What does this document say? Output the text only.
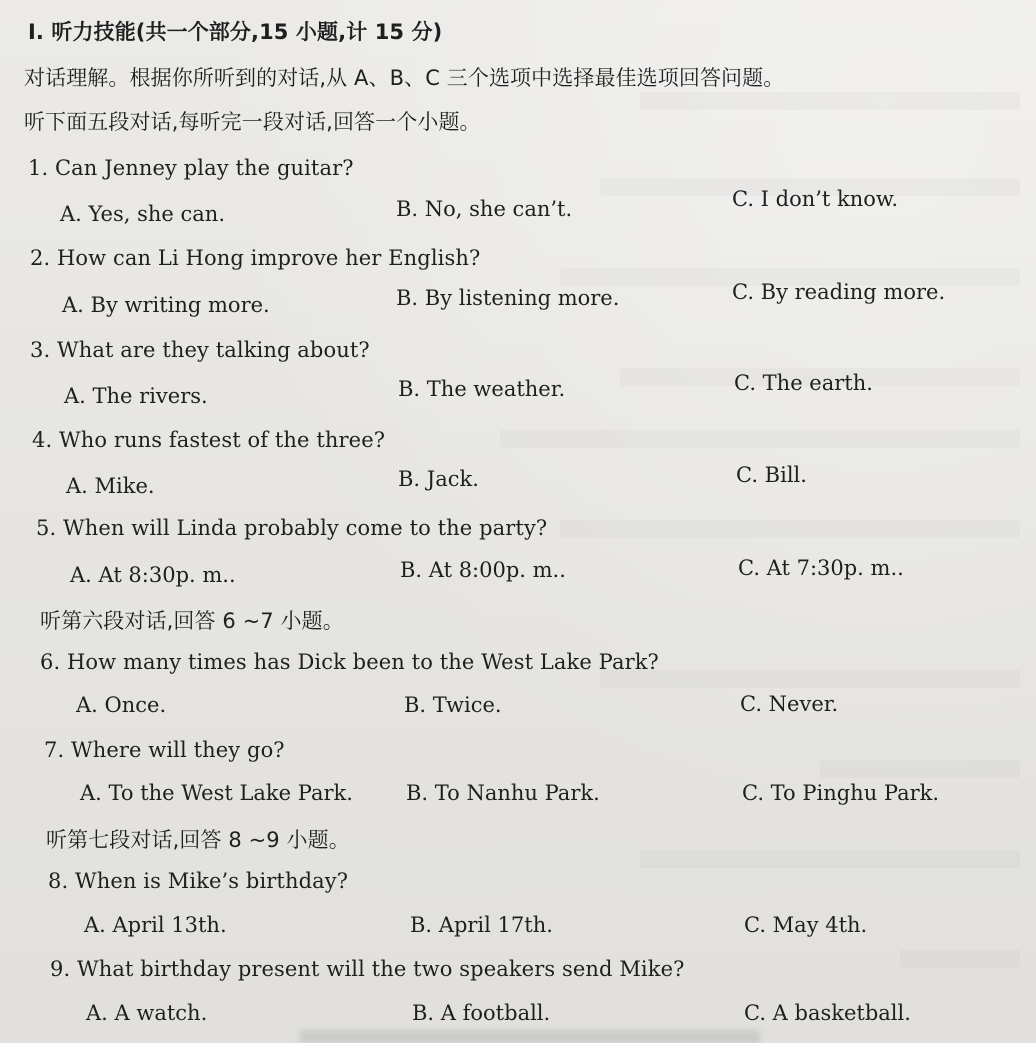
Ⅰ. 听力技能(共一个部分,15 小题,计 15 分)
对话理解。根据你所听到的对话,从 A、B、C 三个选项中选择最佳选项回答问题。
听下面五段对话,每听完一段对话,回答一个小题。
1. Can Jenney play the guitar?
A. Yes, she can.	B. No, she can’t.	C. I don’t know.
2. How can Li Hong improve her English?
A. By writing more.	B. By listening more.	C. By reading more.
3. What are they talking about?
A. The rivers.	B. The weather.	C. The earth.
4. Who runs fastest of the three?
A. Mike.	B. Jack.	C. Bill.
5. When will Linda probably come to the party?
A. At 8:30p. m..	B. At 8:00p. m..	C. At 7:30p. m..
听第六段对话,回答 6 ~7 小题。
6. How many times has Dick been to the West Lake Park?
A. Once.	B. Twice.	C. Never.
7. Where will they go?
A. To the West Lake Park.	B. To Nanhu Park.	C. To Pinghu Park.
听第七段对话,回答 8 ~9 小题。
8. When is Mike’s birthday?
A. April 13th.	B. April 17th.	C. May 4th.
9. What birthday present will the two speakers send Mike?
A. A watch.	B. A football.	C. A basketball.
